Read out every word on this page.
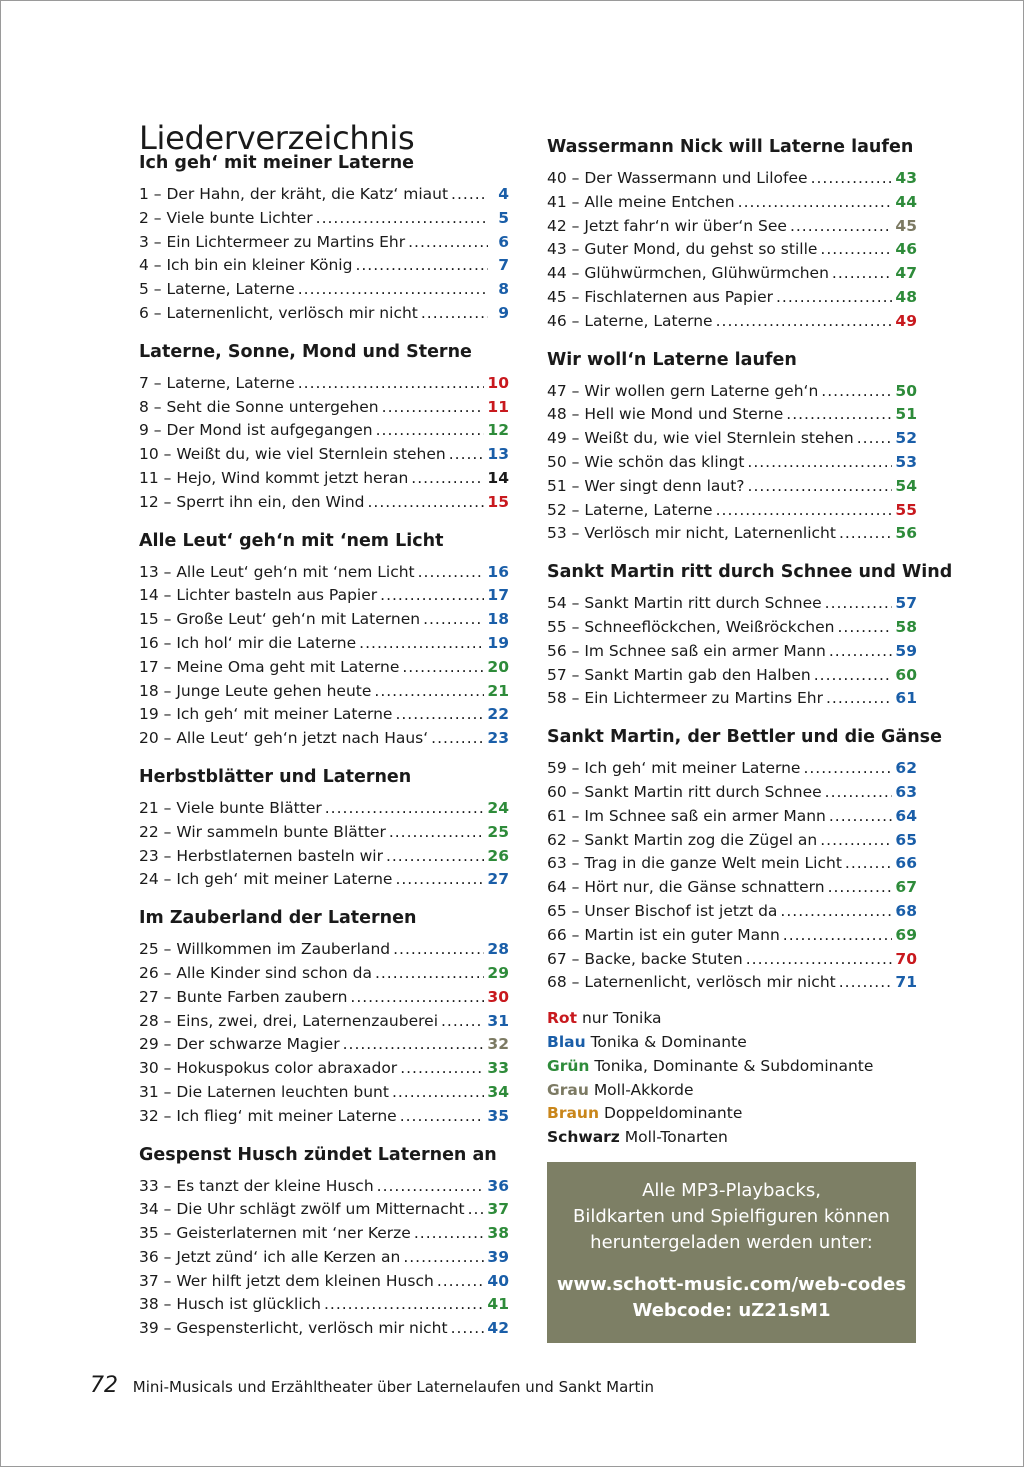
Liederverzeichnis
Ich geh‘ mit meiner Laterne
1 – Der Hahn, der kräht, die Katz‘ miaut .....	4
2 – Viele bunte Lichter .....	5
3 – Ein Lichtermeer zu Martins Ehr .....	6
4 – Ich bin ein kleiner König .....	7
5 – Laterne, Laterne .....	8
6 – Laternenlicht, verlösch mir nicht .....	9
Laterne, Sonne, Mond und Sterne
7 – Laterne, Laterne .....	10
8 – Seht die Sonne untergehen .....	11
9 – Der Mond ist aufgegangen .....	12
10 – Weißt du, wie viel Sternlein stehen .....	13
11 – Hejo, Wind kommt jetzt heran .....	14
12 – Sperrt ihn ein, den Wind .....	15
Alle Leut‘ geh‘n mit ‘nem Licht
13 – Alle Leut‘ geh‘n mit ‘nem Licht .....	16
14 – Lichter basteln aus Papier .....	17
15 – Große Leut‘ geh‘n mit Laternen .....	18
16 – Ich hol‘ mir die Laterne .....	19
17 – Meine Oma geht mit Laterne .....	20
18 – Junge Leute gehen heute .....	21
19 – Ich geh‘ mit meiner Laterne .....	22
20 – Alle Leut‘ geh‘n jetzt nach Haus‘ .....	23
Herbstblätter und Laternen
21 – Viele bunte Blätter .....	24
22 – Wir sammeln bunte Blätter .....	25
23 – Herbstlaternen basteln wir .....	26
24 – Ich geh‘ mit meiner Laterne .....	27
Im Zauberland der Laternen
25 – Willkommen im Zauberland .....	28
26 – Alle Kinder sind schon da .....	29
27 – Bunte Farben zaubern .....	30
28 – Eins, zwei, drei, Laternenzauberei .....	31
29 – Der schwarze Magier .....	32
30 – Hokuspokus color abraxador .....	33
31 – Die Laternen leuchten bunt .....	34
32 – Ich flieg‘ mit meiner Laterne .....	35
Gespenst Husch zündet Laternen an
33 – Es tanzt der kleine Husch .....	36
34 – Die Uhr schlägt zwölf um Mitternacht ..... 37
35 – Geisterlaternen mit ‘ner Kerze .....	38
36 – Jetzt zünd‘ ich alle Kerzen an .....	39
37 – Wer hilft jetzt dem kleinen Husch .....	40
38 – Husch ist glücklich .....	41
39 – Gespensterlicht, verlösch mir nicht .....	42
Wassermann Nick will Laterne laufen
40 – Der Wassermann und Lilofee .....	43
41 – Alle meine Entchen .....	44
42 – Jetzt fahr‘n wir über‘n See .....	45
43 – Guter Mond, du gehst so stille .....	46
44 – Glühwürmchen, Glühwürmchen .....	47
45 – Fischlaternen aus Papier .....	48
46 – Laterne, Laterne .....	49
Wir woll‘n Laterne laufen
47 – Wir wollen gern Laterne geh‘n .....	50
48 – Hell wie Mond und Sterne .....	51
49 – Weißt du, wie viel Sternlein stehen .....	52
50 – Wie schön das klingt .....	53
51 – Wer singt denn laut? .....	54
52 – Laterne, Laterne .....	55
53 – Verlösch mir nicht, Laternenlicht .....	56
Sankt Martin ritt durch Schnee und Wind
54 – Sankt Martin ritt durch Schnee .....	57
55 – Schneeflöckchen, Weißröckchen .....	58
56 – Im Schnee saß ein armer Mann .....	59
57 – Sankt Martin gab den Halben .....	60
58 – Ein Lichtermeer zu Martins Ehr .....	61
Sankt Martin, der Bettler und die Gänse
59 – Ich geh‘ mit meiner Laterne .....	62
60 – Sankt Martin ritt durch Schnee .....	63
61 – Im Schnee saß ein armer Mann .....	64
62 – Sankt Martin zog die Zügel an .....	65
63 – Trag in die ganze Welt mein Licht .....	66
64 – Hört nur, die Gänse schnattern .....	67
65 – Unser Bischof ist jetzt da .....	68
66 – Martin ist ein guter Mann .....	69
67 – Backe, backe Stuten .....	70
68 – Laternenlicht, verlösch mir nicht .....	71
Rot nur Tonika
Blau Tonika & Dominante
Grün Tonika, Dominante & Subdominante
Grau Moll-Akkorde
Braun Doppeldominante
Schwarz Moll-Tonarten
Alle MP3-Playbacks,
Bildkarten und Spielfiguren können
heruntergeladen werden unter:
www.schott-music.com/web-codes
Webcode: uZ21sM1
72 Mini-Musicals und Erzähltheater über Laternelaufen und Sankt Martin
